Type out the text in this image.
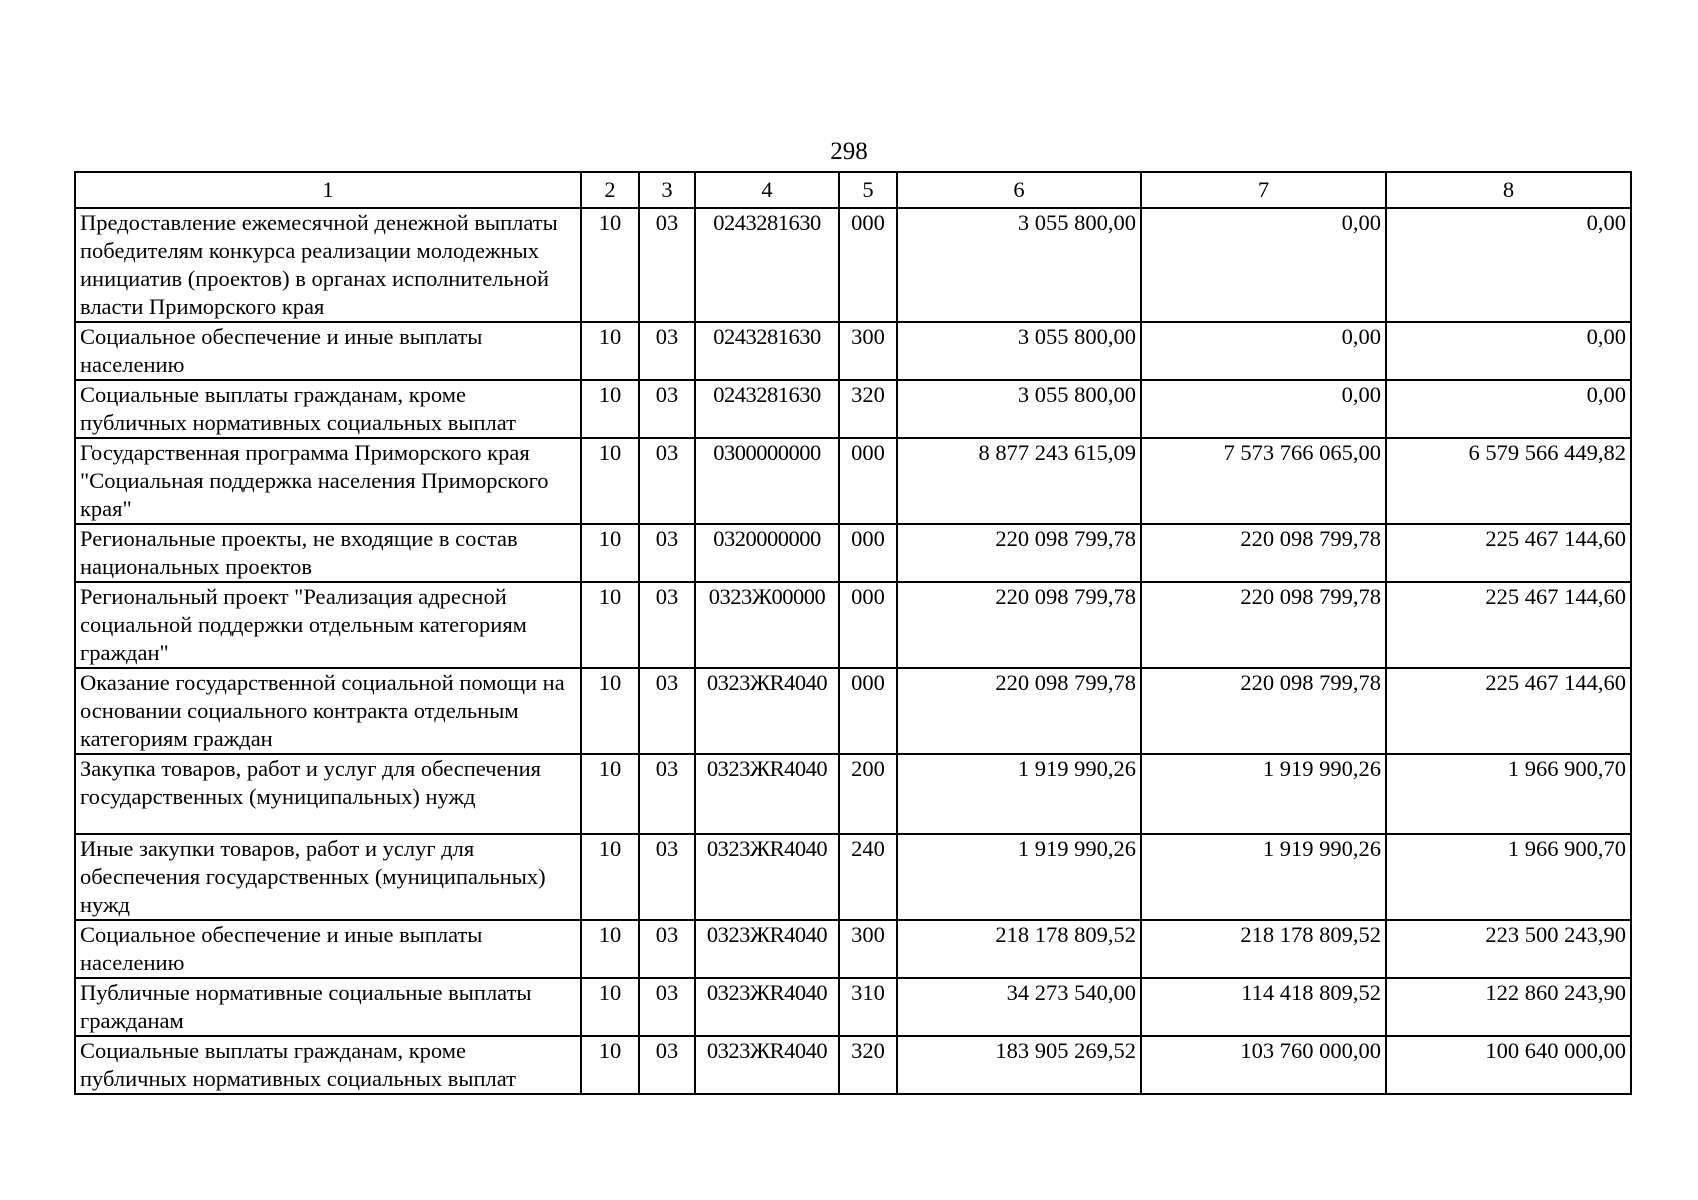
298
1	2	3	4	5	6	7	8
Предоставление ежемесячной денежной выплаты победителям конкурса реализации молодежных инициатив (проектов) в органах исполнительной власти Приморского края	10	03	0243281630	000	3 055 800,00	0,00	0,00
Социальное обеспечение и иные выплаты населению	10	03	0243281630	300	3 055 800,00	0,00	0,00
Социальные выплаты гражданам, кроме публичных нормативных социальных выплат	10	03	0243281630	320	3 055 800,00	0,00	0,00
Государственная программа Приморского края "Социальная поддержка населения Приморского края"	10	03	0300000000	000	8 877 243 615,09	7 573 766 065,00	6 579 566 449,82
Региональные проекты, не входящие в состав национальных проектов	10	03	0320000000	000	220 098 799,78	220 098 799,78	225 467 144,60
Региональный проект "Реализация адресной социальной поддержки отдельным категориям граждан"	10	03	0323Ж00000	000	220 098 799,78	220 098 799,78	225 467 144,60
Оказание государственной социальной помощи на основании социального контракта отдельным категориям граждан	10	03	0323ЖR4040	000	220 098 799,78	220 098 799,78	225 467 144,60
Закупка товаров, работ и услуг для обеспечения государственных (муниципальных) нужд	10	03	0323ЖR4040	200	1 919 990,26	1 919 990,26	1 966 900,70
Иные закупки товаров, работ и услуг для обеспечения государственных (муниципальных) нужд	10	03	0323ЖR4040	240	1 919 990,26	1 919 990,26	1 966 900,70
Социальное обеспечение и иные выплаты населению	10	03	0323ЖR4040	300	218 178 809,52	218 178 809,52	223 500 243,90
Публичные нормативные социальные выплаты гражданам	10	03	0323ЖR4040	310	34 273 540,00	114 418 809,52	122 860 243,90
Социальные выплаты гражданам, кроме публичных нормативных социальных выплат	10	03	0323ЖR4040	320	183 905 269,52	103 760 000,00	100 640 000,00
